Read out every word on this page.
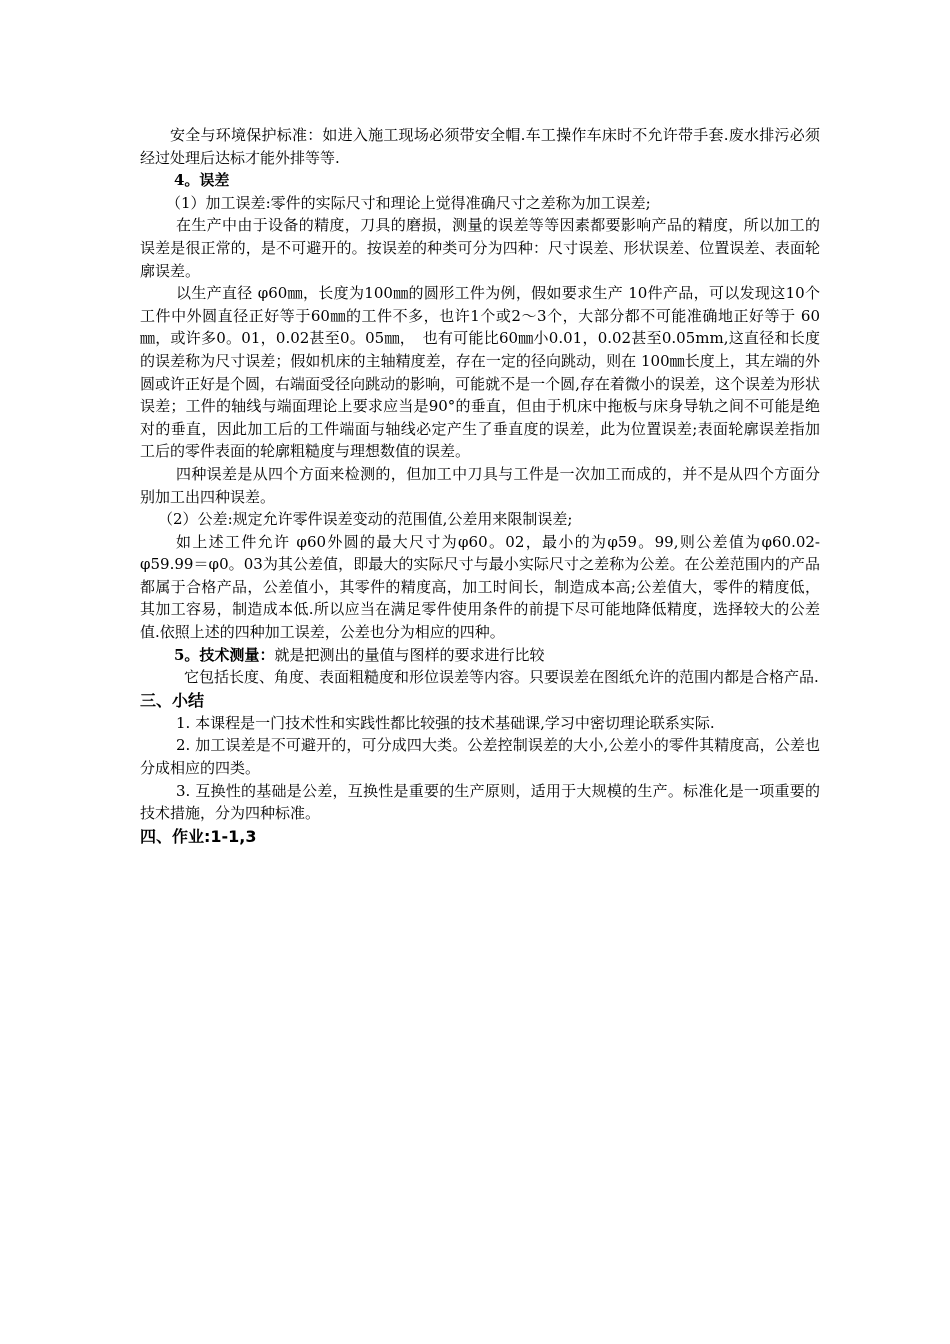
安全与环境保护标准：如进入施工现场必须带安全帽.车工操作车床时不允许带手套.废水排污必须经过处理后达标才能外排等等.

4。误差

（1）加工误差:零件的实际尺寸和理论上觉得准确尺寸之差称为加工误差;

在生产中由于设备的精度，刀具的磨损，测量的误差等等因素都要影响产品的精度，所以加工的误差是很正常的，是不可避开的。按误差的种类可分为四种：尺寸误差、形状误差、位置误差、表面轮廓误差。

以生产直径 φ60㎜，长度为100㎜的圆形工件为例，假如要求生产 10件产品，可以发现这10个工件中外圆直径正好等于60㎜的工件不多，也许1个或2～3个，大部分都不可能准确地正好等于 60㎜，或许多0。01，0.02甚至0。05㎜，　也有可能比60㎜小0.01，0.02甚至0.05mm,这直径和长度的误差称为尺寸误差；假如机床的主轴精度差，存在一定的径向跳动，则在 100㎜长度上，其左端的外圆或许正好是个圆，右端面受径向跳动的影响，可能就不是一个圆,存在着微小的误差，这个误差为形状误差；工件的轴线与端面理论上要求应当是90°的垂直，但由于机床中拖板与床身导轨之间不可能是绝对的垂直，因此加工后的工件端面与轴线必定产生了垂直度的误差，此为位置误差;表面轮廓误差指加工后的零件表面的轮廓粗糙度与理想数值的误差。

四种误差是从四个方面来检测的，但加工中刀具与工件是一次加工而成的，并不是从四个方面分别加工出四种误差。

（2）公差:规定允许零件误差变动的范围值,公差用来限制误差;

如上述工件允许 φ60外圆的最大尺寸为φ60。02，最小的为φ59。99,则公差值为φ60.02-φ59.99＝φ0。03为其公差值，即最大的实际尺寸与最小实际尺寸之差称为公差。在公差范围内的产品都属于合格产品，公差值小，其零件的精度高，加工时间长，制造成本高;公差值大，零件的精度低，其加工容易，制造成本低.所以应当在满足零件使用条件的前提下尽可能地降低精度，选择较大的公差值.依照上述的四种加工误差，公差也分为相应的四种。

5。技术测量：就是把测出的量值与图样的要求进行比较

它包括长度、角度、表面粗糙度和形位误差等内容。只要误差在图纸允许的范围内都是合格产品.

三、小结

1. 本课程是一门技术性和实践性都比较强的技术基础课,学习中密切理论联系实际.

2. 加工误差是不可避开的，可分成四大类。公差控制误差的大小,公差小的零件其精度高，公差也分成相应的四类。

3. 互换性的基础是公差，互换性是重要的生产原则，适用于大规模的生产。标准化是一项重要的技术措施，分为四种标准。

四、作业:1-1,3
